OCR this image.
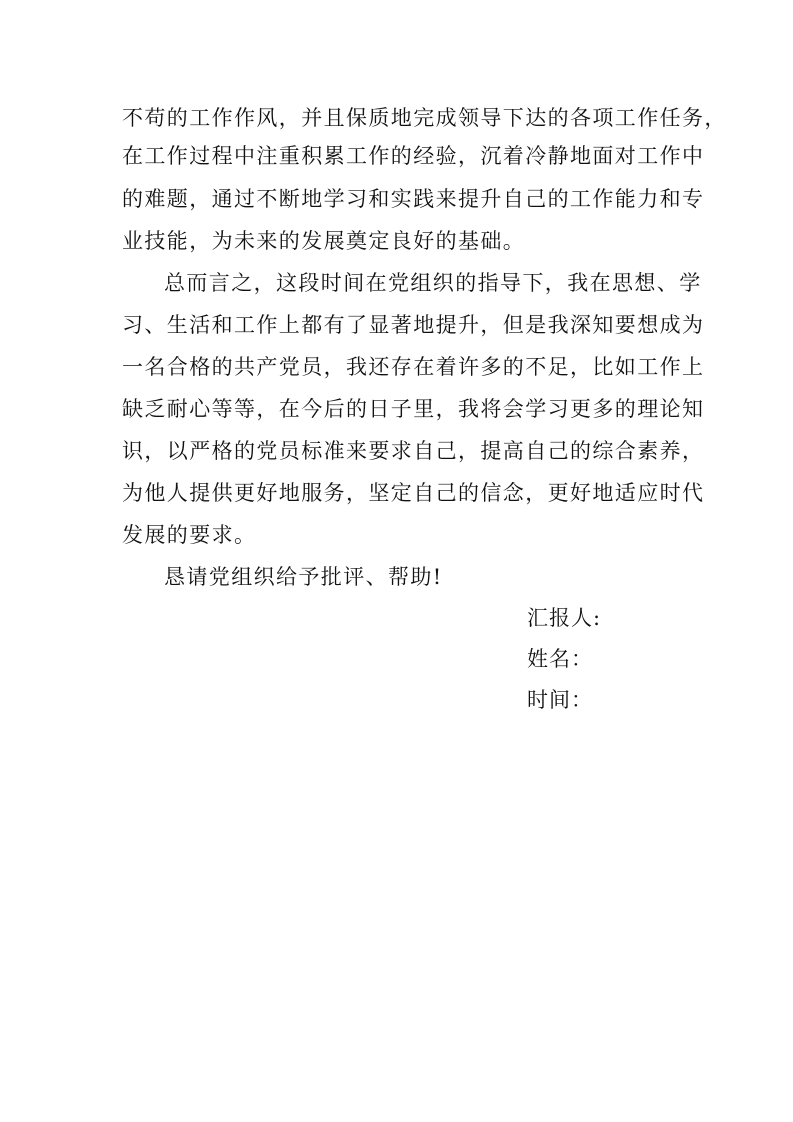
不苟的工作作风，并且保质地完成领导下达的各项工作任务，
在工作过程中注重积累工作的经验，沉着冷静地面对工作中
的难题，通过不断地学习和实践来提升自己的工作能力和专
业技能，为未来的发展奠定良好的基础。
总而言之，这段时间在党组织的指导下，我在思想、学
习、生活和工作上都有了显著地提升，但是我深知要想成为
一名合格的共产党员，我还存在着许多的不足，比如工作上
缺乏耐心等等，在今后的日子里，我将会学习更多的理论知
识，以严格的党员标准来要求自己，提高自己的综合素养，
为他人提供更好地服务，坚定自己的信念，更好地适应时代
发展的要求。
恳请党组织给予批评、帮助!
汇报人:
姓名：
时间：
